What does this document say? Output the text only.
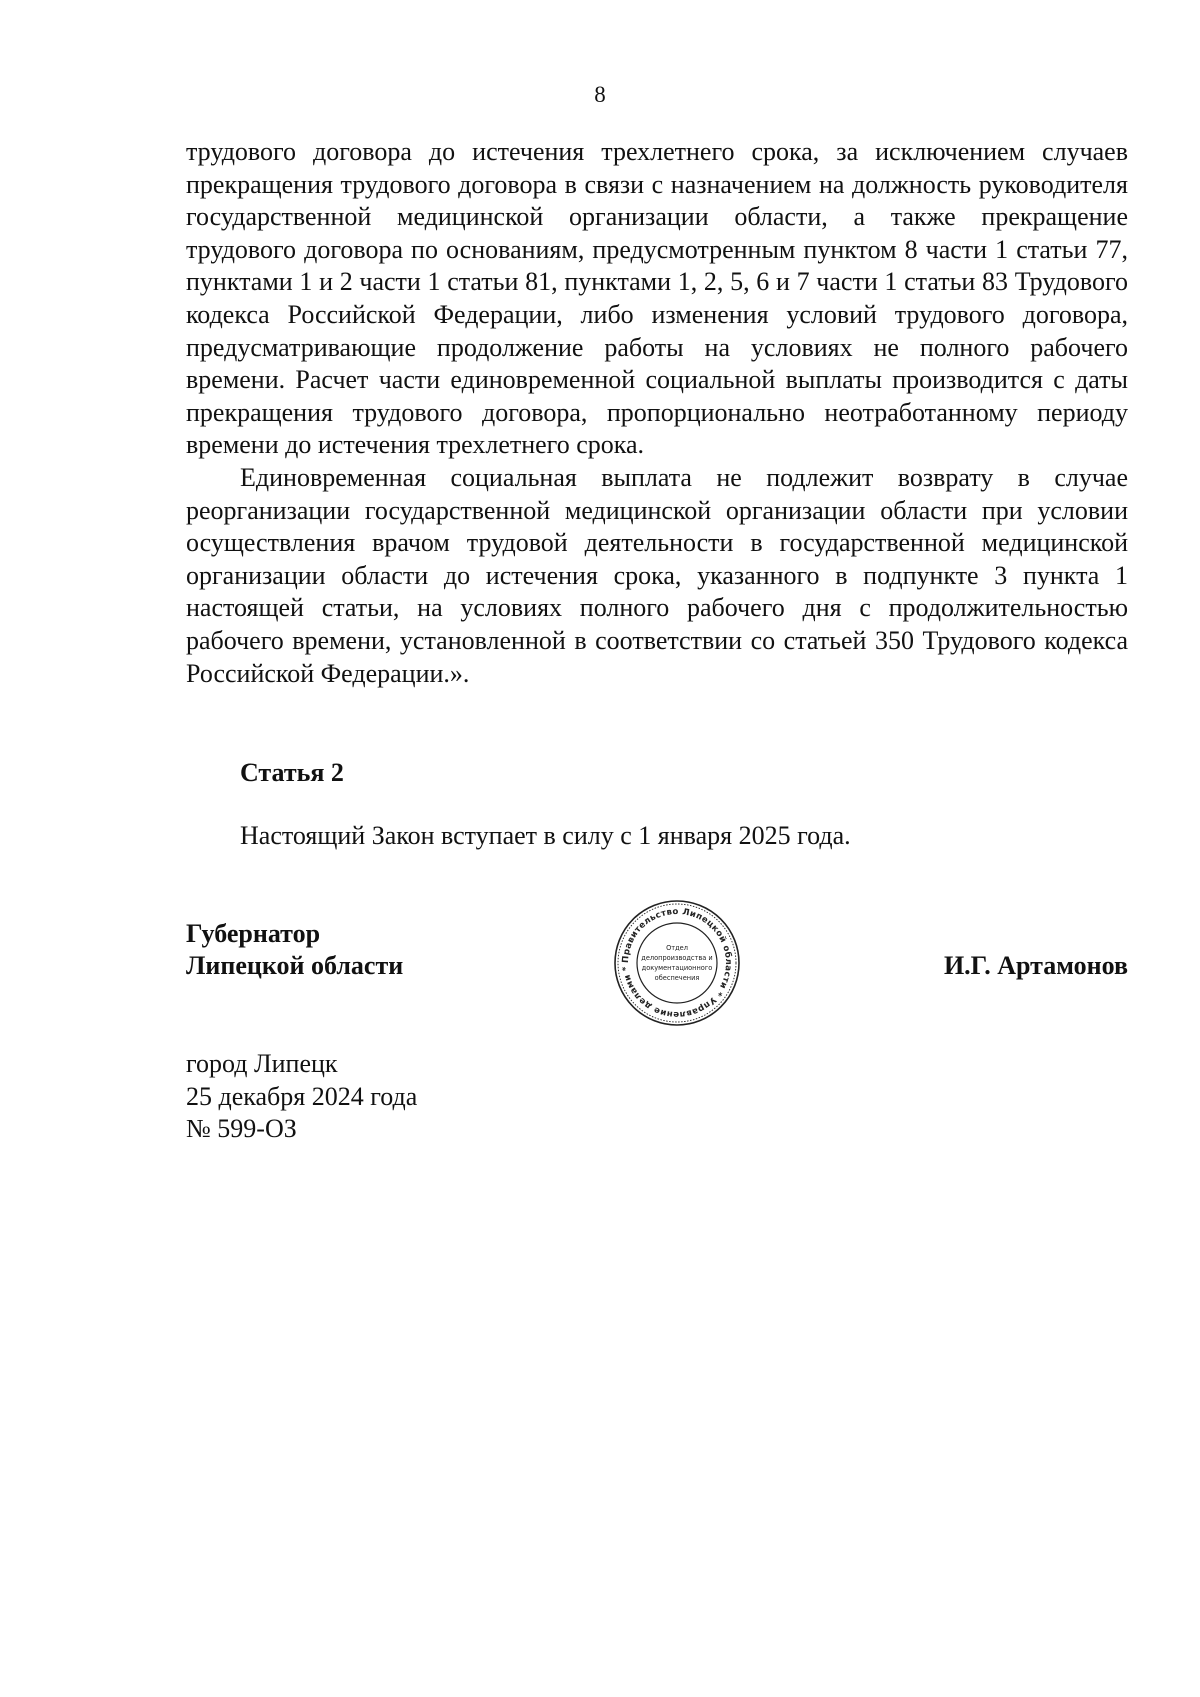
8

трудового договора до истечения трехлетнего срока, за исключением случаев прекращения трудового договора в связи с назначением на должность руководителя государственной медицинской организации области, а также прекращение трудового договора по основаниям, предусмотренным пунктом 8 части 1 статьи 77, пунктами 1 и 2 части 1 статьи 81, пунктами 1, 2, 5, 6 и 7 части 1 статьи 83 Трудового кодекса Российской Федерации, либо изменения условий трудового договора, предусматривающие продолжение работы на условиях не полного рабочего времени. Расчет части единовременной социальной выплаты производится с даты прекращения трудового договора, пропорционально неотработанному периоду времени до истечения трехлетнего срока.

Единовременная социальная выплата не подлежит возврату в случае реорганизации государственной медицинской организации области при условии осуществления врачом трудовой деятельности в государственной медицинской организации области до истечения срока, указанного в подпункте 3 пункта 1 настоящей статьи, на условиях полного рабочего дня с продолжительностью рабочего времени, установленной в соответствии со статьей 350 Трудового кодекса Российской Федерации.».

Статья 2
Настоящий Закон вступает в силу с 1 января 2025 года.
Губернатор
Липецкой области	Правительство Липецкой области * Управление делами *
Отдел
делопроизводства и
документационного
обеспечения	И.Г. Артамонов
город Липецк
25 декабря 2024 года
№ 599-ОЗ
